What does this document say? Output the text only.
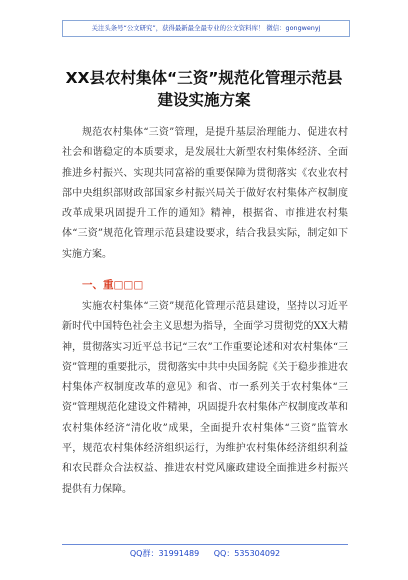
关注头条号“公文研究”，获得最新最全最专业的公文资料库！ 微信：gongwenyj
XX县农村集体“三资”规范化管理示范县
建设实施方案

规范农村集体“三资”管理，是提升基层治理能力、促进农村社会和谐稳定的本质要求，是发展壮大新型农村集体经济、全面推进乡村振兴、实现共同富裕的重要保障为贯彻落实《农业农村部中央组织部财政部国家乡村振兴局关于做好农村集体产权制度改革成果巩固提升工作的通知》精神，根据省、市推进农村集体“三资”规范化管理示范县建设要求，结合我县实际，制定如下实施方案。

一、重□□□

实施农村集体“三资”规范化管理示范县建设，坚持以习近平新时代中国特色社会主义思想为指导，全面学习贯彻党的XX大精神，贯彻落实习近平总书记“三农”工作重要论述和对农村集体“三资”管理的重要批示，贯彻落实中共中央国务院《关于稳步推进农村集体产权制度改革的意见》和省、市一系列关于农村集体“三资”管理规范化建设文件精神，巩固提升农村集体产权制度改革和农村集体经济“清化收”成果，全面提升农村集体“三资”监管水平，规范农村集体经济组织运行，为维护农村集体经济组织利益和农民群众合法权益、推进农村党风廉政建设全面推进乡村振兴提供有力保障。

QQ群：31991489 QQ：535304092
